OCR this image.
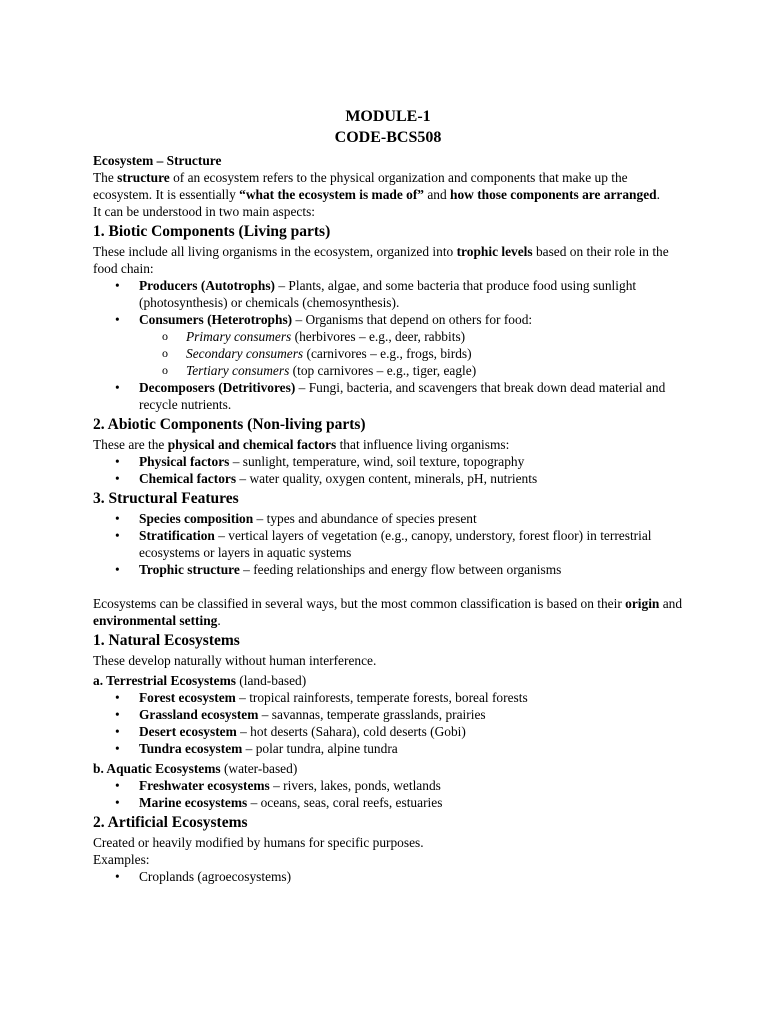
MODULE-1

CODE-BCS508

Ecosystem – Structure

The structure of an ecosystem refers to the physical organization and components that make up the ecosystem. It is essentially “what the ecosystem is made of” and how those components are arranged.

It can be understood in two main aspects:

1. Biotic Components (Living parts)

These include all living organisms in the ecosystem, organized into trophic levels based on their role in the food chain:

• Producers (Autotrophs) – Plants, algae, and some bacteria that produce food using sunlight (photosynthesis) or chemicals (chemosynthesis).
• Consumers (Heterotrophs) – Organisms that depend on others for food:
o Primary consumers (herbivores – e.g., deer, rabbits)
o Secondary consumers (carnivores – e.g., frogs, birds)
o Tertiary consumers (top carnivores – e.g., tiger, eagle)
• Decomposers (Detritivores) – Fungi, bacteria, and scavengers that break down dead material and recycle nutrients.
2. Abiotic Components (Non-living parts)

These are the physical and chemical factors that influence living organisms:

• Physical factors – sunlight, temperature, wind, soil texture, topography
• Chemical factors – water quality, oxygen content, minerals, pH, nutrients
3. Structural Features
• Species composition – types and abundance of species present
• Stratification – vertical layers of vegetation (e.g., canopy, understory, forest floor) in terrestrial ecosystems or layers in aquatic systems
• Trophic structure – feeding relationships and energy flow between organisms

Ecosystems can be classified in several ways, but the most common classification is based on their origin and environmental setting.

1. Natural Ecosystems

These develop naturally without human interference.

a. Terrestrial Ecosystems (land-based)

• Forest ecosystem – tropical rainforests, temperate forests, boreal forests
• Grassland ecosystem – savannas, temperate grasslands, prairies
• Desert ecosystem – hot deserts (Sahara), cold deserts (Gobi)
• Tundra ecosystem – polar tundra, alpine tundra

b. Aquatic Ecosystems (water-based)

• Freshwater ecosystems – rivers, lakes, ponds, wetlands
• Marine ecosystems – oceans, seas, coral reefs, estuaries
2. Artificial Ecosystems

Created or heavily modified by humans for specific purposes.

Examples:

• Croplands (agroecosystems)
